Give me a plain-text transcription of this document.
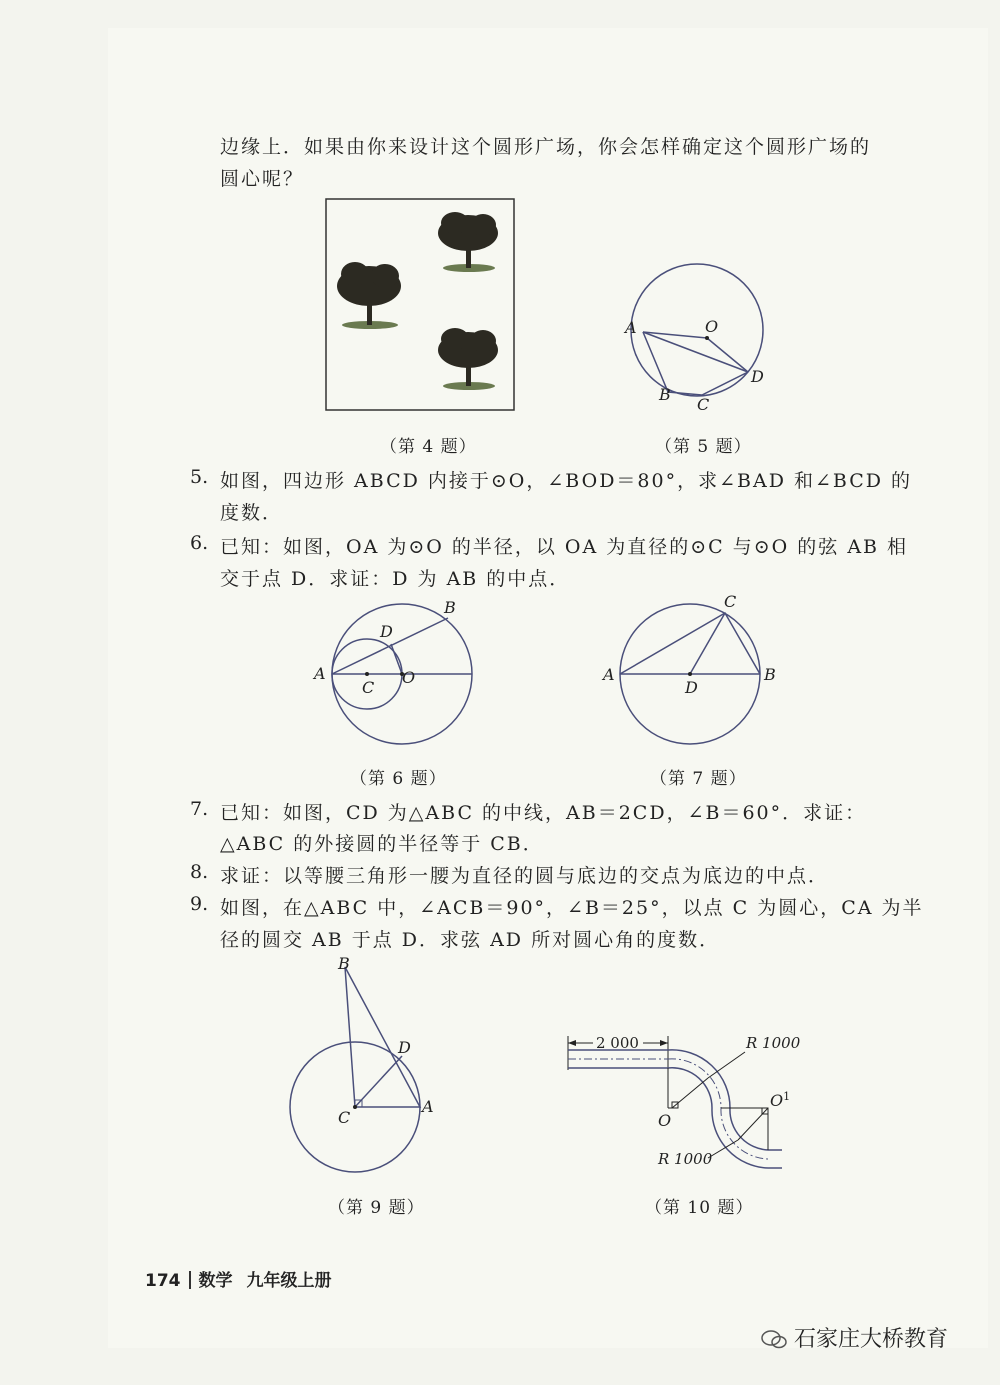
边缘上．如果由你来设计这个圆形广场，你会怎样确定这个圆形广场的
圆心呢？
（第 4 题）
A	O
B
C
D
（第 5 题）
5. 如图，四边形 ABCD 内接于⊙O，∠BOD＝80°，求∠BAD 和∠BCD 的
度数．
6. 已知：如图，OA 为⊙O 的半径，以 OA 为直径的⊙C 与⊙O 的弦 AB 相
交于点 D．求证：D 为 AB 的中点．
A
B
D
C
O
（第 6 题）
A	B
C
D
（第 7 题）
7. 已知：如图，CD 为△ABC 的中线，AB＝2CD，∠B＝60°．求证：
△ABC 的外接圆的半径等于 CB．
8. 求证：以等腰三角形一腰为直径的圆与底边的交点为底边的中点．
9. 如图，在△ABC 中，∠ACB＝90°，∠B＝25°，以点 C 为圆心，CA 为半
径的圆交 AB 于点 D．求弦 AD 所对圆心角的度数．
B
D
C
A
（第 9 题）
2 000	R 1000
R 1000
O
$O^1$
（第 10 题）
174 数学 九年级上册
石家庄大桥教育
